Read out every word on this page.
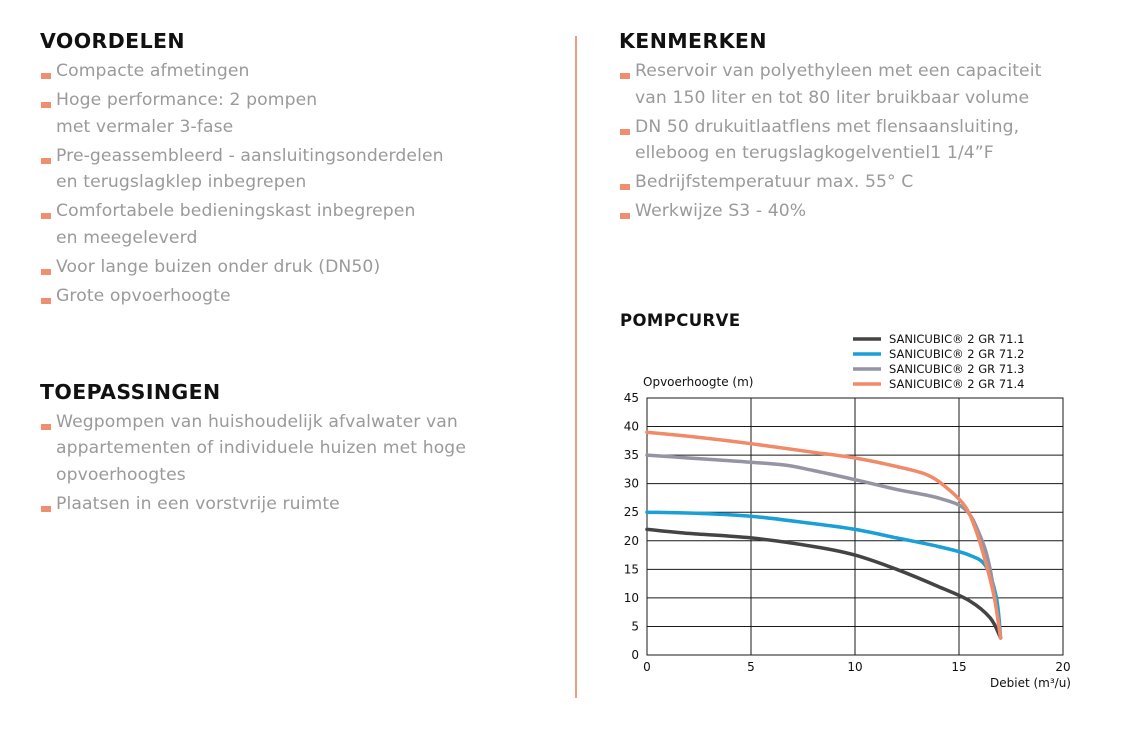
VOORDELEN
Compacte afmetingen
Hoge performance: 2 pompen
met vermaler 3-fase
Pre-geassembleerd - aansluitingsonderdelen
en terugslagklep inbegrepen
Comfortabele bedieningskast inbegrepen
en meegeleverd
Voor lange buizen onder druk (DN50)
Grote opvoerhoogte
TOEPASSINGEN
Wegpompen van huishoudelijk afvalwater van
appartementen of individuele huizen met hoge
opvoerhoogtes
Plaatsen in een vorstvrije ruimte
KENMERKEN
Reservoir van polyethyleen met een capaciteit
van 150 liter en tot 80 liter bruikbaar volume
DN 50 drukuitlaatflens met flensaansluiting,
elleboog en terugslagkogelventiel1 1/4”F
Bedrijfstemperatuur max. 55° C
Werkwijze S3 - 40%
POMPCURVE
0
5
10
15
20
25
30
35
40
45
0	5	10	15	20
Opvoerhoogte (m)
Debiet (m³/u)
SANICUBIC® 2 GR 71.1
SANICUBIC® 2 GR 71.2
SANICUBIC® 2 GR 71.3
SANICUBIC® 2 GR 71.4
